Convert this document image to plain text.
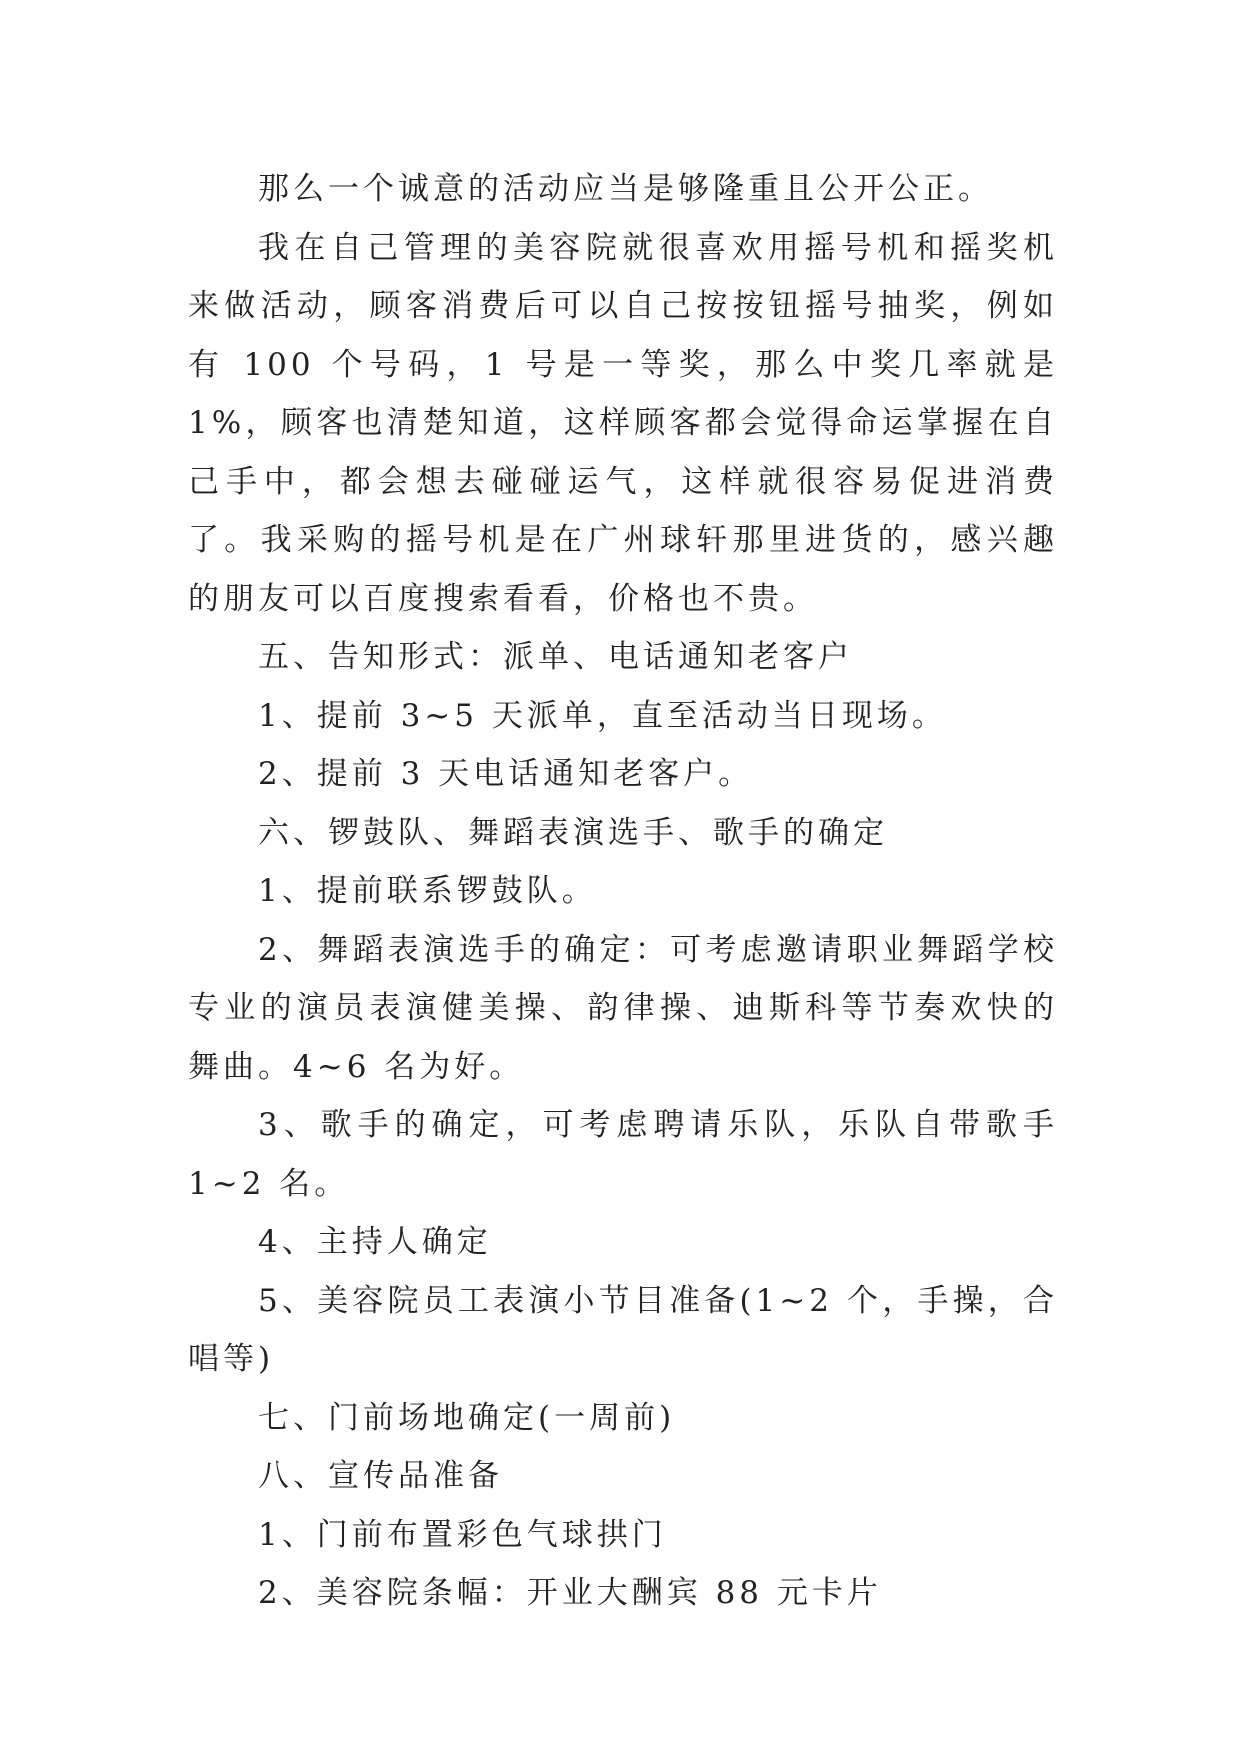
那么一个诚意的活动应当是够隆重且公开公正。

我在自己管理的美容院就很喜欢用摇号机和摇奖机来做活动，顾客消费后可以自己按按钮摇号抽奖，例如有 100 个号码，1 号是一等奖，那么中奖几率就是 1%，顾客也清楚知道，这样顾客都会觉得命运掌握在自己手中，都会想去碰碰运气，这样就很容易促进消费了。我采购的摇号机是在广州球轩那里进货的，感兴趣的朋友可以百度搜索看看，价格也不贵。

五、告知形式：派单、电话通知老客户

1、提前 3~5 天派单，直至活动当日现场。

2、提前 3 天电话通知老客户。

六、锣鼓队、舞蹈表演选手、歌手的确定

1、提前联系锣鼓队。

2、舞蹈表演选手的确定：可考虑邀请职业舞蹈学校专业的演员表演健美操、韵律操、迪斯科等节奏欢快的舞曲。4~6 名为好。

3、歌手的确定，可考虑聘请乐队，乐队自带歌手 1~2 名。

4、主持人确定

5、美容院员工表演小节目准备(1~2 个，手操，合唱等)

七、门前场地确定(一周前)

八、宣传品准备

1、门前布置彩色气球拱门

2、美容院条幅：开业大酬宾 88 元卡片
